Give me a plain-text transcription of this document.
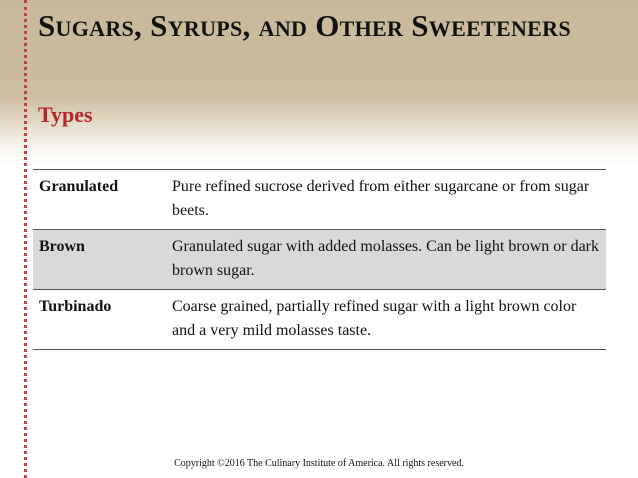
Sugars, Syrups, and Other Sweeteners
Types
Granulated	Pure refined sucrose derived from either sugarcane or from sugar beets.
Brown	Granulated sugar with added molasses. Can be light brown or dark brown sugar.
Turbinado	Coarse grained, partially refined sugar with a light brown color and a very mild molasses taste.
Copyright ©2016 The Culinary Institute of America. All rights reserved.
